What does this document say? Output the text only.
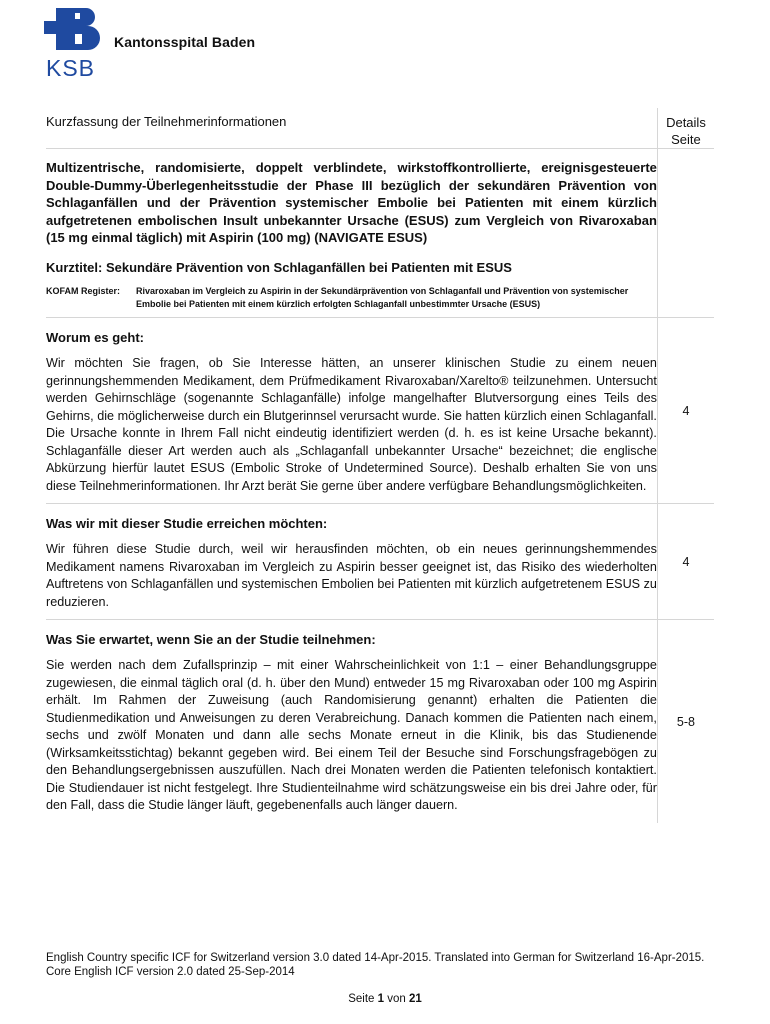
Kantonsspital Baden
KSB
Kurzfassung der Teilnehmerinformationen	Details
Seite

Multizentrische, randomisierte, doppelt verblindete, wirkstoffkontrollierte, ereignisgesteuerte Double-Dummy-Überlegenheitsstudie der Phase III bezüglich der sekundären Prävention von Schlaganfällen und der Prävention systemischer Embolie bei Patienten mit einem kürzlich aufgetretenen embolischen Insult unbekannter Ursache (ESUS) zum Vergleich von Rivaroxaban (15 mg einmal täglich) mit Aspirin (100 mg) (NAVIGATE ESUS)
Kurztitel: Sekundäre Prävention von Schlaganfällen bei Patienten mit ESUS
KOFAM Register: Rivaroxaban im Vergleich zu Aspirin in der Sekundärprävention von Schlaganfall und Prävention von systemischer Embolie bei Patienten mit einem kürzlich erfolgten Schlaganfall unbestimmter Ursache (ESUS)	

Worum es geht:
Wir möchten Sie fragen, ob Sie Interesse hätten, an unserer klinischen Studie zu einem neuen gerinnungshemmenden Medikament, dem Prüfmedikament Rivaroxaban/Xarelto® teilzunehmen. Untersucht werden Gehirnschläge (sogenannte Schlaganfälle) infolge mangelhafter Blutversorgung eines Teils des Gehirns, die möglicherweise durch ein Blutgerinnsel verursacht wurde. Sie hatten kürzlich einen Schlaganfall. Die Ursache konnte in Ihrem Fall nicht eindeutig identifiziert werden (d. h. es ist keine Ursache bekannt). Schlaganfälle dieser Art werden auch als „Schlaganfall unbekannter Ursache“ bezeichnet; die englische Abkürzung hierfür lautet ESUS (Embolic Stroke of Undetermined Source). Deshalb erhalten Sie von uns diese Teilnehmerinformationen. Ihr Arzt berät Sie gerne über andere verfügbare Behandlungsmöglichkeiten.	4

Was wir mit dieser Studie erreichen möchten:
Wir führen diese Studie durch, weil wir herausfinden möchten, ob ein neues gerinnungshemmendes Medikament namens Rivaroxaban im Vergleich zu Aspirin besser geeignet ist, das Risiko des wiederholten Auftretens von Schlaganfällen und systemischen Embolien bei Patienten mit kürzlich aufgetretenem ESUS zu reduzieren.	4

Was Sie erwartet, wenn Sie an der Studie teilnehmen:
Sie werden nach dem Zufallsprinzip – mit einer Wahrscheinlichkeit von 1:1 – einer Behandlungsgruppe zugewiesen, die einmal täglich oral (d. h. über den Mund) entweder 15 mg Rivaroxaban oder 100 mg Aspirin erhält. Im Rahmen der Zuweisung (auch Randomisierung genannt) erhalten die Patienten die Studienmedikation und Anweisungen zu deren Verabreichung. Danach kommen die Patienten nach einem, sechs und zwölf Monaten und dann alle sechs Monate erneut in die Klinik, bis das Studienende (Wirksamkeitsstichtag) bekannt gegeben wird. Bei einem Teil der Besuche sind Forschungsfragebögen zu den Behandlungsergebnissen auszufüllen. Nach drei Monaten werden die Patienten telefonisch kontaktiert. Die Studiendauer ist nicht festgelegt. Ihre Studienteilnahme wird schätzungsweise ein bis drei Jahre oder, für den Fall, dass die Studie länger läuft, gegebenenfalls auch länger dauern.	5-8
English Country specific ICF for Switzerland version 3.0 dated 14-Apr-2015. Translated into German for Switzerland 16-Apr-2015.
Core English ICF version 2.0 dated 25-Sep-2014
Seite 1 von 21
